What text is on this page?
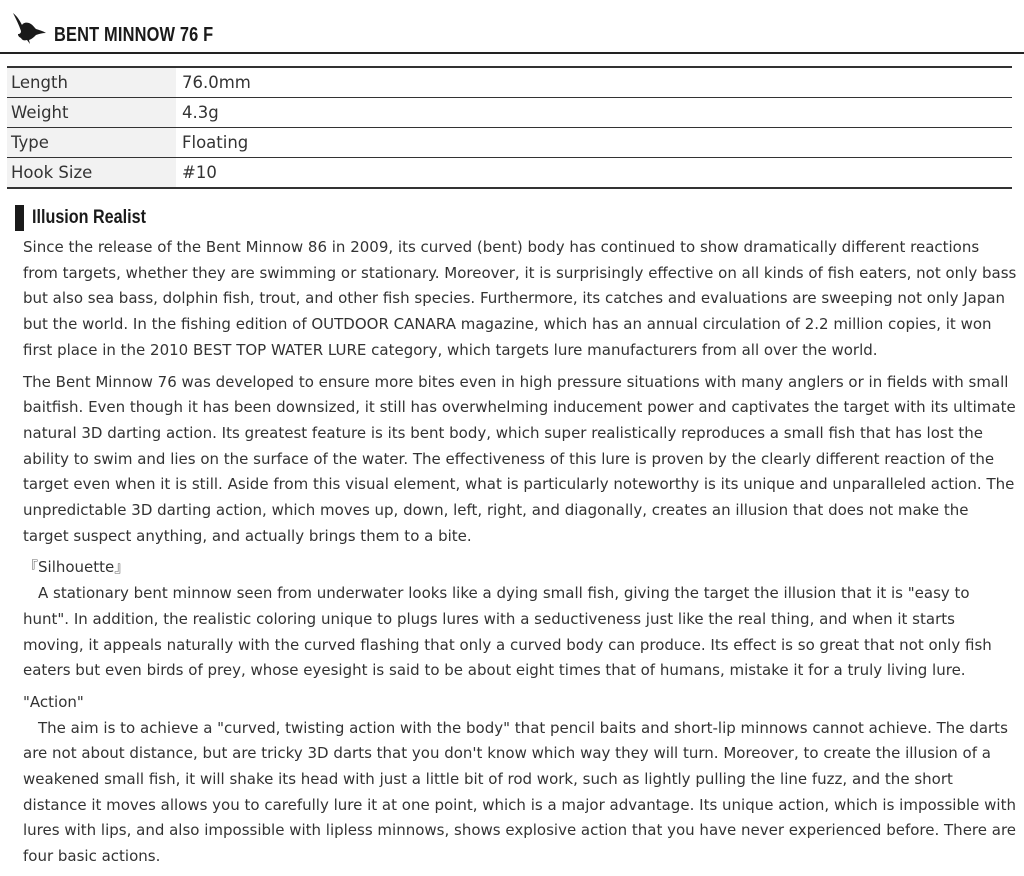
BENT MINNOW 76 F
Length	76.0mm
Weight	4.3g
Type	Floating
Hook Size	#10
Illusion Realist

Since the release of the Bent Minnow 86 in 2009, its curved (bent) body has continued to show dramatically different reactions from targets, whether they are swimming or stationary. Moreover, it is surprisingly effective on all kinds of fish eaters, not only bass but also sea bass, dolphin fish, trout, and other fish species. Furthermore, its catches and evaluations are sweeping not only Japan but the world. In the fishing edition of OUTDOOR CANARA magazine, which has an annual circulation of 2.2 million copies, it won first place in the 2010 BEST TOP WATER LURE category, which targets lure manufacturers from all over the world.

The Bent Minnow 76 was developed to ensure more bites even in high pressure situations with many anglers or in fields with small baitfish. Even though it has been downsized, it still has overwhelming inducement power and captivates the target with its ultimate natural 3D darting action. Its greatest feature is its bent body, which super realistically reproduces a small fish that has lost the ability to swim and lies on the surface of the water. The effectiveness of this lure is proven by the clearly different reaction of the target even when it is still. Aside from this visual element, what is particularly noteworthy is its unique and unparalleled action. The unpredictable 3D darting action, which moves up, down, left, right, and diagonally, creates an illusion that does not make the target suspect anything, and actually brings them to a bite.

『Silhouette』

A stationary bent minnow seen from underwater looks like a dying small fish, giving the target the illusion that it is "easy to hunt". In addition, the realistic coloring unique to plugs lures with a seductiveness just like the real thing, and when it starts moving, it appeals naturally with the curved flashing that only a curved body can produce. Its effect is so great that not only fish eaters but even birds of prey, whose eyesight is said to be about eight times that of humans, mistake it for a truly living lure.

"Action"

The aim is to achieve a "curved, twisting action with the body" that pencil baits and short-lip minnows cannot achieve. The darts are not about distance, but are tricky 3D darts that you don't know which way they will turn. Moreover, to create the illusion of a weakened small fish, it will shake its head with just a little bit of rod work, such as lightly pulling the line fuzz, and the short distance it moves allows you to carefully lure it at one point, which is a major advantage. Its unique action, which is impossible with lures with lips, and also impossible with lipless minnows, shows explosive action that you have never experienced before. There are four basic actions.
